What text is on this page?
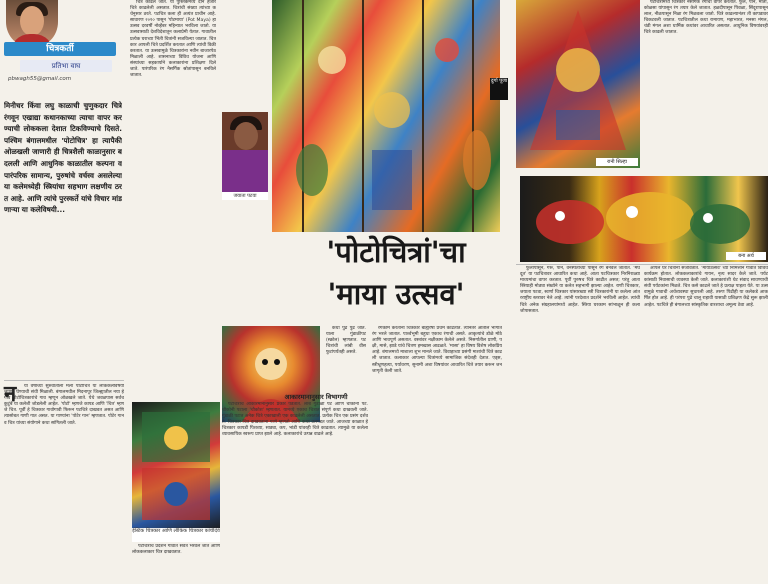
चित्रकर्ती
प्रतिभा वाघ
pbwagh55@gmail.com
मिनीचर किंवा लघु काळाची चुणुकदार चित्रे रंगवून एखाद्या कथानकाच्या त्याचा वापर करण्याची लोककला देशात टिकविण्याचे दिसते. पश्चिम बंगालमधील 'पोटोचित्र' हा त्यापैकी ओळखली जाणारी ही चित्रशैली काळानुसार बदलली आणि आधुनिक काळातील कल्पना व पारंपरिक सामान्य, पुरुषांचे वर्चस्व असलेल्या या कलेमध्येही स्त्रियांचा सहभाग लक्षणीय ठरत आहे. आणि त्यांचे पुरस्कर्ते यांचे विचार मांडणाऱ्या या कलेविषयी...
न	या वर्षाच्या सुरुवातीला मला पोटोचित्र या लोककलेविषयी जाणून घेण्याची संधी मिळाली. बंगालमधील मिदनापूर जिल्ह्यातील नया हे गाव पोटोचित्रकारांचे गाव म्हणून ओळखले जाते. येथे जवळपास सर्वच कुटुंबे या कलेशी जोडलेली आहेत. 'पोटो' म्हणजे कापड आणि 'चित्र' म्हणजे चित्र. पूर्वी हे चित्रकार गावोगावी फिरून पटचित्रे दाखवत असत आणि त्यासोबत गाणी गात असत. या गाण्यांना 'पोटेर गान' म्हणतात. पोटेर गान व चित्र यांच्या संयोगाने कथा सांगितली जाते.

चित्र काढले जाते. या पुस्तिकेमध्ये दोन हजार चित्रे काढलेली असतात. चित्रांची संख्या त्यांच्या कथेनुसार ठरते. पटचित्र कला ही अत्यंत प्राचीन आहे. साधारण २०१० पासून 'पोटमाया' (Pot Maya) हा उत्सव दरवर्षी नोव्हेंबर महिन्यात भरविला जातो. या उत्सवासाठी देशविदेशातून कलाप्रेमी येतात. गावातील प्रत्येक घराच्या भिंती चित्रांनी सजविल्या जातात. चित्रकार आपली चित्रे प्रदर्शित करतात आणि त्यांची विक्री करतात. या उत्सवामुळे चित्रकारांना नवीन बाजारपेठ मिळाली आहे. शासनाच्या विविध योजना आणि संस्थांच्या सहकार्याने कलाकारांना प्रशिक्षण दिले जाते. पारंपरिक रंग नैसर्गिक स्रोतांपासून बनविले जातात.

जयाता पटवा
दुर्गा पूजा
रानी सिल्हा

पटचित्रामध्ये चित्रकार नैसर्गिक रंगांचा वापर करतात. फुले, पाने, माती, कोळसा यांपासून रंग तयार केले जातात. हळदीपासून पिवळा, सिंदूरापासून लाल, नीळपासून निळा रंग मिळवला जातो. चित्रे काढल्यानंतर ती कापडावर चिकटवली जातात. पटचित्रातील कथा रामायण, महाभारत, मनसा मंगल, चंडी मंगल अशा धार्मिक कथांवर आधारित असतात. आधुनिक विषयांवरही चित्रे काढली जातात.

बना अर्थ
'पोटोचित्रां'चा
'माया उत्सव'
ईस्टिक चित्रकार आणि लौकिक चित्रकार कांचीदेवे

पटचित्राचे प्रदर्शन गावात सर्वत्र भरवले जाते आणि लोककलाकार चित्र दाखवतात.

कथा पुढे पुढे जाते. याला गुंडाळीपट (स्क्रोल) म्हणतात. पटचित्रांची लांबी वीस फुटांपर्यंतही असते.

आकारमानानुसार विभागणी

पटचित्रांचे आकारमानानुसार प्रकार पडतात. लांब गुंडाळी पट आणि चौकोनी पट. चौकोनी पटाला 'चौकोश' म्हणतात. यामध्ये एकाच चित्रात संपूर्ण कथा दाखवली जाते. गुंडाळी पटात अनेक चित्रे एकाखाली एक काढलेली असतात. प्रत्येक चित्र एक प्रसंग दर्शवते. चित्रकार चित्र दाखवताना गाणे म्हणतो आणि कथा उलगडत जाते. आजच्या काळात हे चित्रकार कापडी पिशव्या, साड्या, कप, भांडी यांवरही चित्रे काढतात. त्यामुळे या कलेला व्यावसायिक स्वरूप प्राप्त झाले आहे. कलाकारांचे उत्पन्न वाढले आहे.

रंगकाम करताना चित्रकार बाह्यरेषा प्रथम काढतात. त्यानंतर आतील भागात रंग भरले जातात. पार्श्वभूमी बहुधा एकाच रंगाची असते. आकृत्यांचे डोळे मोठे आणि भावपूर्ण असतात. वस्त्रांवर नक्षीकाम केलेले असते. निसर्गातील प्राणी, पक्षी, मासे, झाडे यांचे चित्रण हमखास आढळते. 'मासा' हा विषय विशेष लोकप्रिय आहे. बंगालमध्ये माशाला शुभ मानले जाते. विवाहाच्या प्रसंगी माशांची चित्रे काढली जातात. कलाकार आपल्या चित्रांमध्ये सामाजिक संदेशही देतात. एड्स, स्त्रीभ्रूणहत्या, पर्यावरण, सुनामी अशा विषयांवर आधारित चित्रे तयार करून जनजागृती केली जाते.

फुलांपासून, गेरू, पाने, वनस्पतींच्या पासून रंग बनवले जातात. 'मेघदूत' या पटचित्रावर आधारित कथा आहे. आता पटचित्रकार निरनिराळ्या माध्यमांचा वापर करतात. पूर्वी पुरुषच चित्रे काढीत असत; परंतु आता स्त्रियाही मोठ्या संख्येने या कलेत सहभागी झाल्या आहेत. राणी चित्रकार, जयाता पटवा, स्वर्णा चित्रकार यांसारख्या स्त्री चित्रकारांनी या कलेला आंतरराष्ट्रीय स्तरावर नेले आहे. त्यांनी परदेशात प्रदर्शने भरविली आहेत. त्यांची चित्रे अनेक संग्रहालयांमध्ये आहेत. स्त्रिया घरकाम सांभाळून ही कला जोपासतात.

आपले घर चित्रांनी सजवितात. 'मायाउत्सव' च्या निमित्ताने गावात विविध कार्यक्रम होतात. लोककलाकारांचे गायन, नृत्य सादर केले जाते. पर्यटकांसाठी निवासाची व्यवस्था केली जाते. कलाकारांशी थेट संवाद साधण्याची संधी पर्यटकांना मिळते. चित्र कसे काढले जाते हे प्रत्यक्ष पाहता येते. या उत्सवामुळे गावाची अर्थव्यवस्था सुधारली आहे. तरुण पिढीही या कलेकडे आकर्षित होत आहे. ही परंपरा पुढे चालू राहावी यासाठी प्रशिक्षण केंद्रे सुरू झाली आहेत. पटचित्रे ही बंगालच्या सांस्कृतिक वारशाचा अमूल्य ठेवा आहे.
